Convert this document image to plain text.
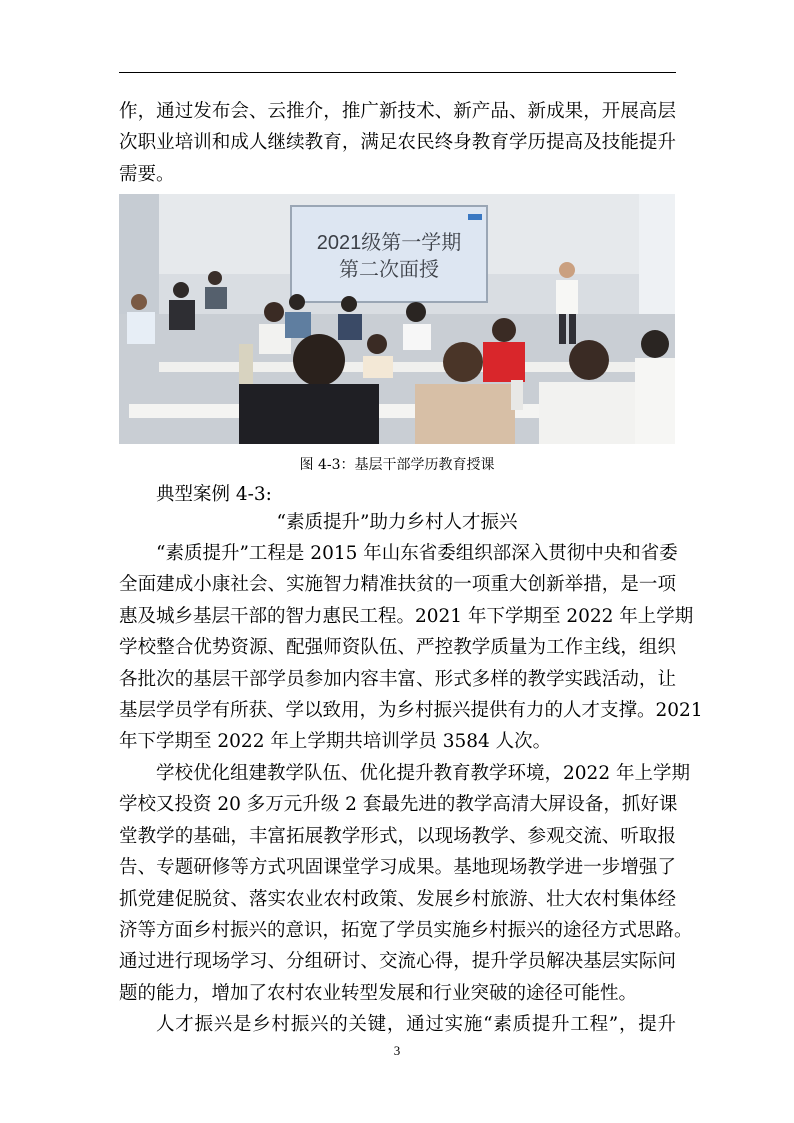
作，通过发布会、云推介，推广新技术、新产品、新成果，开展高层
次职业培训和成人继续教育，满足农民终身教育学历提高及技能提升
需要。
2021级第一学期
第二次面授
图 4-3：基层干部学历教育授课
典型案例 4-3:
“素质提升”助力乡村人才振兴
“素质提升”工程是 2015 年山东省委组织部深入贯彻中央和省委
全面建成小康社会、实施智力精准扶贫的一项重大创新举措，是一项
惠及城乡基层干部的智力惠民工程。2021 年下学期至 2022 年上学期
学校整合优势资源、配强师资队伍、严控教学质量为工作主线，组织
各批次的基层干部学员参加内容丰富、形式多样的教学实践活动，让
基层学员学有所获、学以致用，为乡村振兴提供有力的人才支撑。2021
年下学期至 2022 年上学期共培训学员 3584 人次。
学校优化组建教学队伍、优化提升教育教学环境，2022 年上学期
学校又投资 20 多万元升级 2 套最先进的教学高清大屏设备，抓好课
堂教学的基础，丰富拓展教学形式，以现场教学、参观交流、听取报
告、专题研修等方式巩固课堂学习成果。基地现场教学进一步增强了
抓党建促脱贫、落实农业农村政策、发展乡村旅游、壮大农村集体经
济等方面乡村振兴的意识，拓宽了学员实施乡村振兴的途径方式思路。
通过进行现场学习、分组研讨、交流心得，提升学员解决基层实际问
题的能力，增加了农村农业转型发展和行业突破的途径可能性。
人才振兴是乡村振兴的关键，通过实施“素质提升工程”，提升
3
